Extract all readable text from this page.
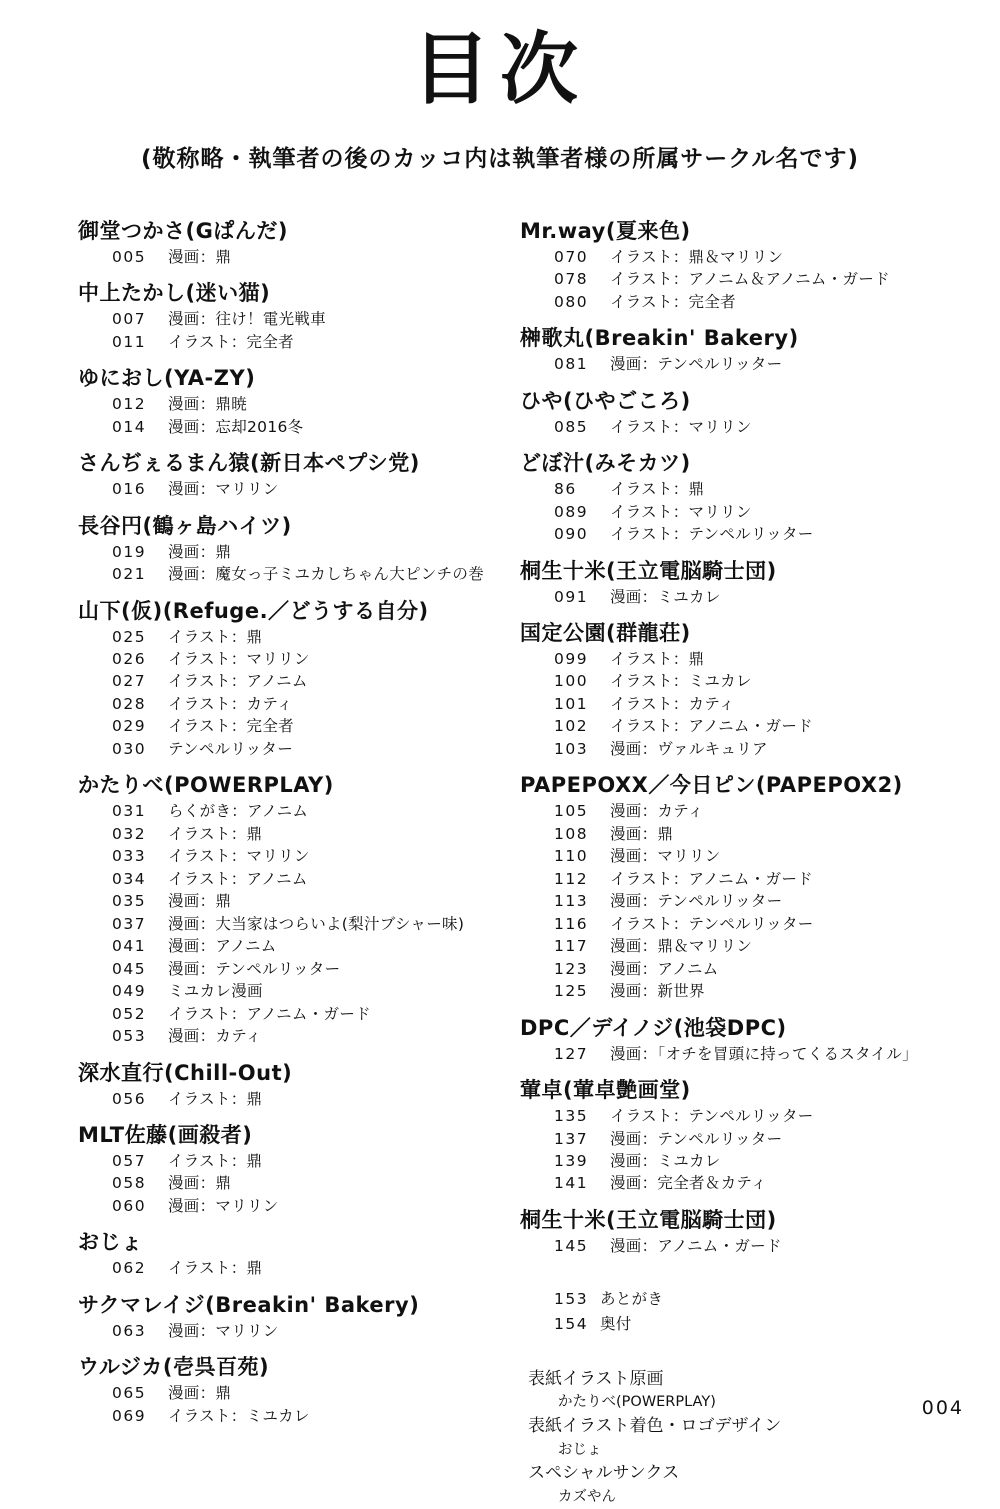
目次
(敬称略・執筆者の後のカッコ内は執筆者様の所属サークル名です)
御堂つかさ(Gぱんだ)
005 漫画：鼎
中上たかし(迷い猫)
007 漫画：往け！電光戦車
011 イラスト：完全者
ゆにおし(YA-ZY)
012 漫画：鼎暁
014 漫画：忘却2016冬
さんぢぇるまん猿(新日本ペプシ党)
016 漫画：マリリン
長谷円(鶴ヶ島ハイツ)
019 漫画：鼎
021 漫画：魔女っ子ミユカしちゃん大ピンチの巻
山下(仮)(Refuge.／どうする自分)
025 イラスト：鼎
026 イラスト：マリリン
027 イラスト：アノニム
028 イラスト：カティ
029 イラスト：完全者
030 テンペルリッター
かたりべ(POWERPLAY)
031 らくがき：アノニム
032 イラスト：鼎
033 イラスト：マリリン
034 イラスト：アノニム
035 漫画：鼎
037 漫画：大当家はつらいよ(梨汁ブシャー味)
041 漫画：アノニム
045 漫画：テンペルリッター
049 ミユカレ漫画
052 イラスト：アノニム・ガード
053 漫画：カティ
深水直行(Chill-Out)
056 イラスト：鼎
MLT佐藤(画殺者)
057 イラスト：鼎
058 漫画：鼎
060 漫画：マリリン
おじょ
062 イラスト：鼎
サクマレイジ(Breakin' Bakery)
063 漫画：マリリン
ウルジカ(壱呉百苑)
065 漫画：鼎
069 イラスト：ミユカレ
Mr.way(夏来色)
070 イラスト：鼎＆マリリン
078 イラスト：アノニム＆アノニム・ガード
080 イラスト：完全者
榊歌丸(Breakin' Bakery)
081 漫画：テンペルリッター
ひや(ひやごころ)
085 イラスト：マリリン
どぼ汁(みそカツ)
86 イラスト：鼎
089 イラスト：マリリン
090 イラスト：テンペルリッター
桐生十米(王立電脳騎士団)
091 漫画：ミユカレ
国定公園(群龍荘)
099 イラスト：鼎
100 イラスト：ミユカレ
101 イラスト：カティ
102 イラスト：アノニム・ガード
103 漫画：ヴァルキュリア
PAPEPOXX／今日ピン(PAPEPOX2)
105 漫画：カティ
108 漫画：鼎
110 漫画：マリリン
112 イラスト：アノニム・ガード
113 漫画：テンペルリッター
116 イラスト：テンペルリッター
117 漫画：鼎＆マリリン
123 漫画：アノニム
125 漫画：新世界
DPC／デイノジ(池袋DPC)
127 漫画：「オチを冒頭に持ってくるスタイル」
葷卓(葷卓艶画堂)
135 イラスト：テンペルリッター
137 漫画：テンペルリッター
139 漫画：ミユカレ
141 漫画：完全者＆カティ
桐生十米(王立電脳騎士団)
145 漫画：アノニム・ガード
153 あとがき
154 奥付
表紙イラスト原画
かたりべ(POWERPLAY)
表紙イラスト着色・ロゴデザイン
おじょ
スペシャルサンクス
カズやん
004
